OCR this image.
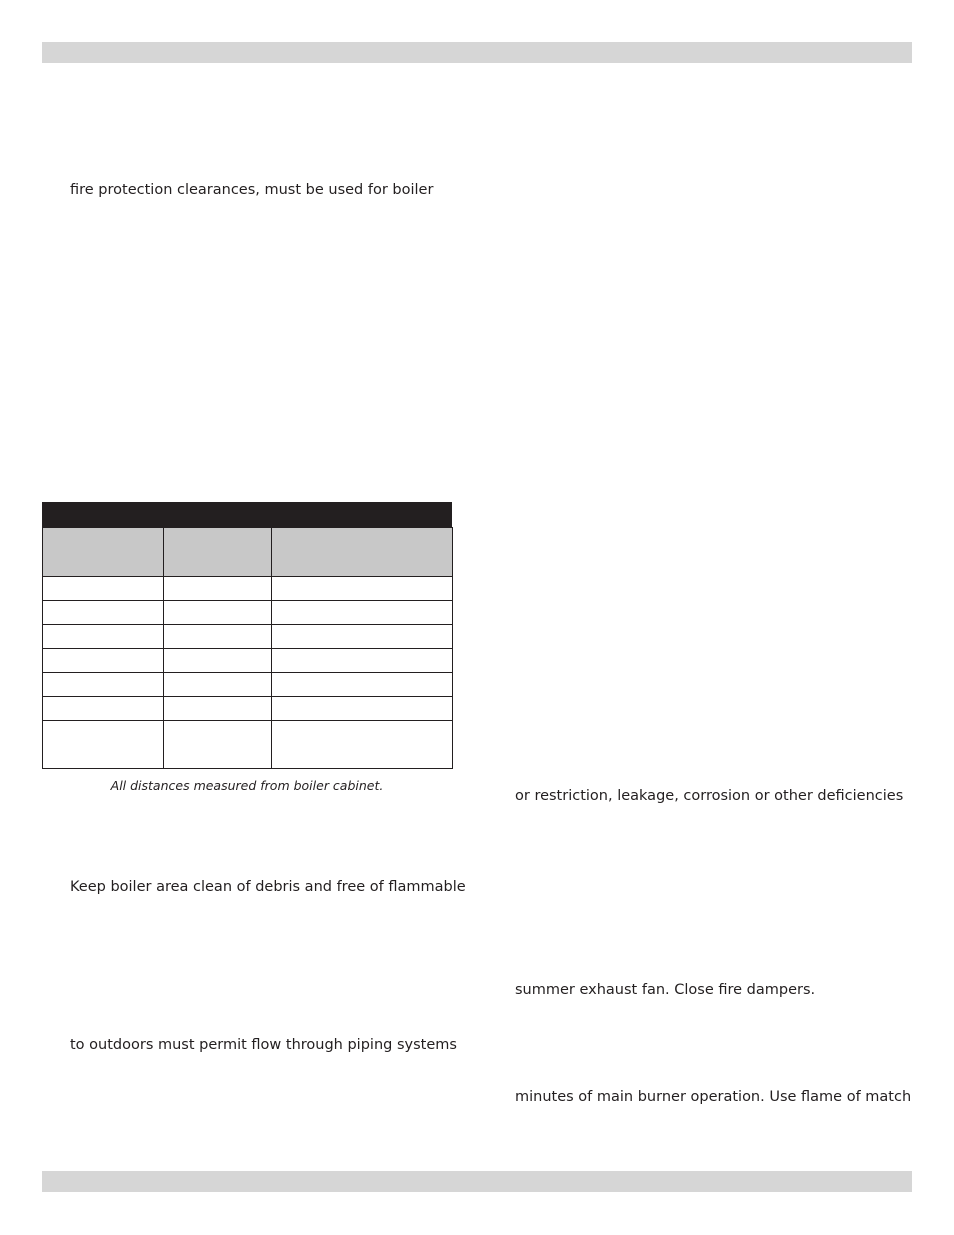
fire protection clearances, must be used for boiler

All distances measured from boiler cabinet.
Keep boiler area clean of debris and free of flammable
to outdoors must permit flow through piping systems
or restriction, leakage, corrosion or other deficiencies
summer exhaust fan. Close fire dampers.
minutes of main burner operation. Use flame of match
